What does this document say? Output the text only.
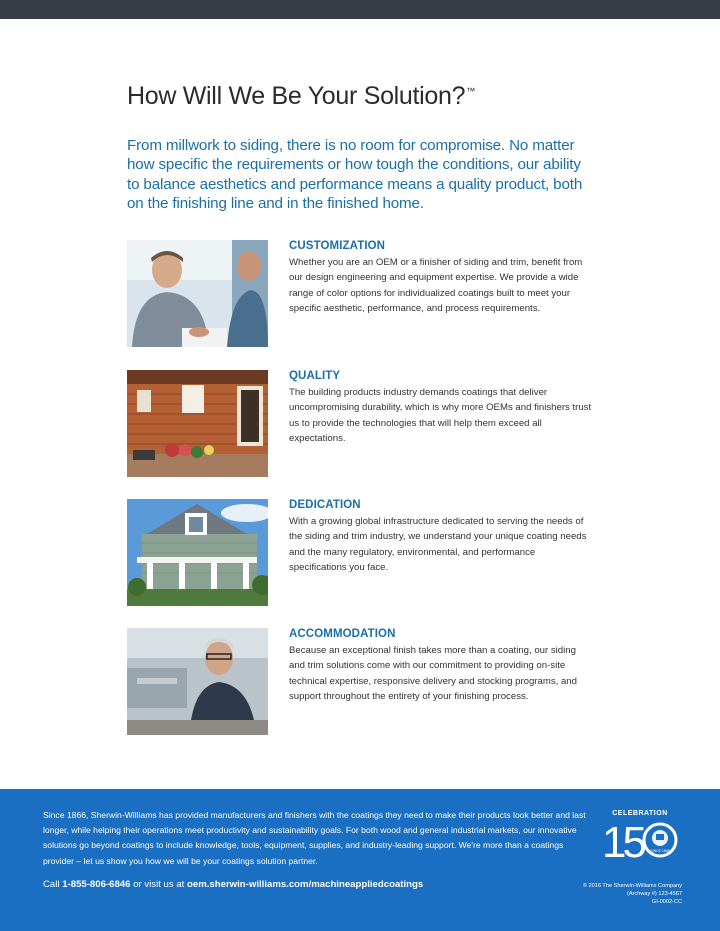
How Will We Be Your Solution?™

From millwork to siding, there is no room for compromise. No matter how specific the requirements or how tough the conditions, our ability to balance aesthetics and performance means a quality product, both on the finishing line and in the finished home.

CUSTOMIZATION

Whether you are an OEM or a finisher of siding and trim, benefit from our design engineering and equipment expertise. We provide a wide range of color options for individualized coatings built to meet your specific aesthetic, performance, and process requirements.

QUALITY

The building products industry demands coatings that deliver uncompromising durability, which is why more OEMs and finishers trust us to provide the technologies that will help them exceed all expectations.

DEDICATION

With a growing global infrastructure dedicated to serving the needs of the siding and trim industry, we understand your unique coating needs and the many regulatory, environmental, and performance specifications you face.

ACCOMMODATION

Because an exceptional finish takes more than a coating, our siding and trim solutions come with our commitment to providing on-site technical expertise, responsive delivery and stocking programs, and support throughout the entirety of your finishing process.

Since 1866, Sherwin-Williams has provided manufacturers and finishers with the coatings they need to make their products look better and last longer, while helping their operations meet productivity and sustainability goals. For both wood and general industrial markets, our innovative solutions go beyond coatings to include knowledge, tools, equipment, supplies, and industry-leading support. We're more than a coatings provider – let us show you how we will be your coatings solution partner.

Call 1-855-806-6846 or visit us at oem.sherwin-williams.com/machineappliedcoatings	© 2016 The Sherwin-Williams Company
(Archway #) 123-4567
GI-0002-CC
CELEBRATION
15	SINCE 1866
